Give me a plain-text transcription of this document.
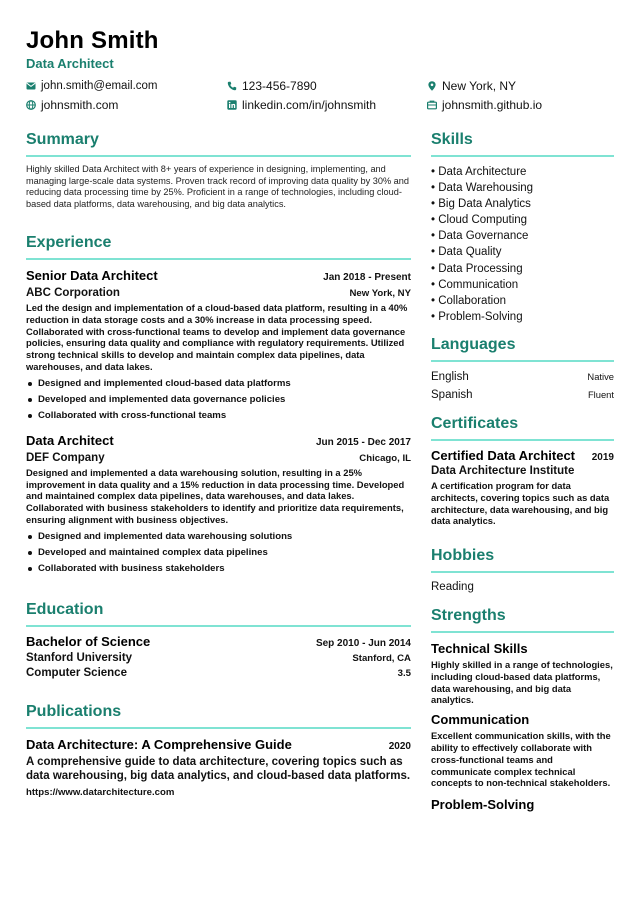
John Smith
Data Architect
john.smith@email.com	123-456-7890	New York, NY
johnsmith.com	linkedin.com/in/johnsmith	johnsmith.github.io
Summary
Highly skilled Data Architect with 8+ years of experience in designing, implementing, and managing large-scale data systems. Proven track record of improving data quality by 30% and reducing data processing time by 25%. Proficient in a range of technologies, including cloud-based data platforms, data warehousing, and big data analytics.
Experience
Senior Data Architect	Jan 2018 - Present
ABC Corporation	New York, NY
Led the design and implementation of a cloud-based data platform, resulting in a 40% reduction in data storage costs and a 30% increase in data processing speed. Collaborated with cross-functional teams to develop and implement data governance policies, ensuring data quality and compliance with regulatory requirements. Utilized strong technical skills to develop and maintain complex data pipelines, data warehouses, and data lakes.
Designed and implemented cloud-based data platforms
Developed and implemented data governance policies
Collaborated with cross-functional teams
Data Architect	Jun 2015 - Dec 2017
DEF Company	Chicago, IL
Designed and implemented a data warehousing solution, resulting in a 25% improvement in data quality and a 15% reduction in data processing time. Developed and maintained complex data pipelines, data warehouses, and data lakes. Collaborated with business stakeholders to identify and prioritize data requirements, ensuring alignment with business objectives.
Designed and implemented data warehousing solutions
Developed and maintained complex data pipelines
Collaborated with business stakeholders
Education
Bachelor of Science	Sep 2010 - Jun 2014
Stanford University	Stanford, CA
Computer Science	3.5
Publications
Data Architecture: A Comprehensive Guide	2020
A comprehensive guide to data architecture, covering topics such as data warehousing, big data analytics, and cloud-based data platforms.
https://www.datarchitecture.com
Skills
• Data Architecture
• Data Warehousing
• Big Data Analytics
• Cloud Computing
• Data Governance
• Data Quality
• Data Processing
• Communication
• Collaboration
• Problem-Solving
Languages
English	Native
Spanish	Fluent
Certificates
Certified Data Architect 2019
Data Architecture Institute
A certification program for data architects, covering topics such as data architecture, data warehousing, and big data analytics.
Hobbies
Reading
Strengths
Technical Skills
Highly skilled in a range of technologies, including cloud-based data platforms, data warehousing, and big data analytics.
Communication
Excellent communication skills, with the ability to effectively collaborate with cross-functional teams and communicate complex technical concepts to non-technical stakeholders.
Problem-Solving
